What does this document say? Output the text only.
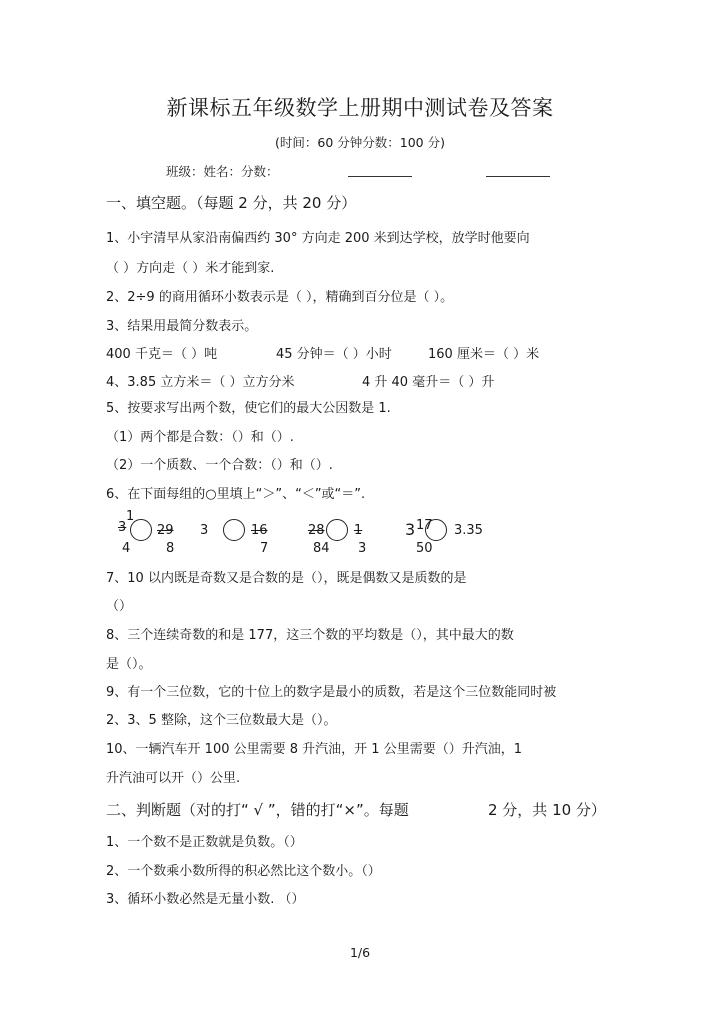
新课标五年级数学上册期中测试卷及答案
(时间：60 分钟分数：100 分)
班级：姓名：分数：
一、填空题。（每题 2 分，共 20 分）
1、小宇清早从家沿南偏西约 30° 方向走 200 米到达学校，放学时他要向
（ ）方向走（ ）米才能到家.
2、2÷9 的商用循环小数表示是（ ），精确到百分位是（ ）。
3、结果用最简分数表示。
400 千克＝（ ）吨	45 分钟＝（ ）小时	160 厘米＝（ ）米
4、3.85 立方米＝（ ）立方分米	4 升 40 毫升＝（ ）升
5、按要求写出两个数，使它们的最大公因数是 1.
（1）两个都是合数：（）和（）.
（2）一个质数、一个合数：（）和（）.
6、在下面每组的○里填上“＞”、“＜”或“＝”.
1
3
4
29
8
3	16
7
28
84
1
3
3 17
50
3.35
7、10 以内既是奇数又是合数的是（），既是偶数又是质数的是
（）
8、三个连续奇数的和是 177，这三个数的平均数是（），其中最大的数
是（）。
9、有一个三位数，它的十位上的数字是最小的质数，若是这个三位数能同时被
2、3、5 整除，这个三位数最大是（）。
10、一辆汽车开 100 公里需要 8 升汽油，开 1 公里需要（）升汽油，1
升汽油可以开（）公里.
二、判断题（对的打“ √ ”，错的打“×”。每题	2 分，共 10 分）
1、一个数不是正数就是负数。（）
2、一个数乘小数所得的积必然比这个数小。（）
3、循环小数必然是无量小数. （）
1/6
